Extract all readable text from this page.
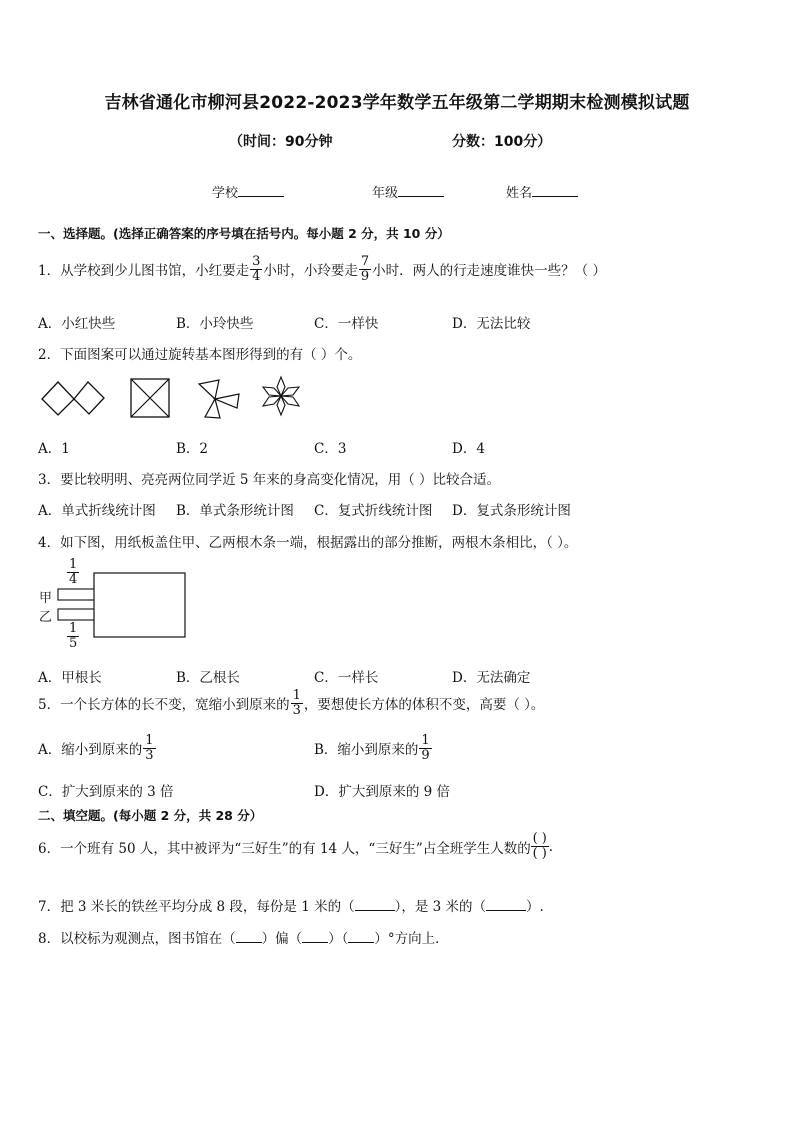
吉林省通化市柳河县2022-2023学年数学五年级第二学期期末检测模拟试题
（时间：90分钟	分数：100分）
学校	年级	姓名
一、选择题。(选择正确答案的序号填在括号内。每小题 2 分，共 10 分）
1．从学校到少儿图书馆，小红要走 $\frac{3}{4}$ 小时，小玲要走 $\frac{7}{9}$ 小时．两人的行走速度谁快一些？（ ）
A．小红快些	B．小玲快些	C．一样快	D．无法比较
2．下面图案可以通过旋转基本图形得到的有（ ）个。
A．1	B．2	C．3	D．4
3．要比较明明、亮亮两位同学近 5 年来的身高变化情况，用（ ）比较合适。
A．单式折线统计图 B．单式条形统计图 C．复式折线统计图 D．复式条形统计图
4．如下图，用纸板盖住甲、乙两根木条一端，根据露出的部分推断，两根木条相比，（ ）。
$\frac{1}{4}$
$\frac{1}{5}$
甲
乙
A．甲根长	B．乙根长	C．一样长	D．无法确定
5．一个长方体的长不变，宽缩小到原来的 $\frac{1}{3}$ ，要想使长方体的体积不变，高要（ ）。
A．缩小到原来的 $\frac{1}{3}$	B．缩小到原来的 $\frac{1}{9}$
C．扩大到原来的 3 倍	D．扩大到原来的 9 倍
二、填空题。(每小题 2 分，共 28 分）
6．一个班有 50 人，其中被评为“三好生”的有 14 人，“三好生”占全班学生人数的 $\frac{( )}{( )}$ .
7．把 3 米长的铁丝平均分成 8 段，每份是 1 米的（	），是 3 米的（	）.
8．以校标为观测点，图书馆在（ ）偏（ ）（ ）°方向上．
